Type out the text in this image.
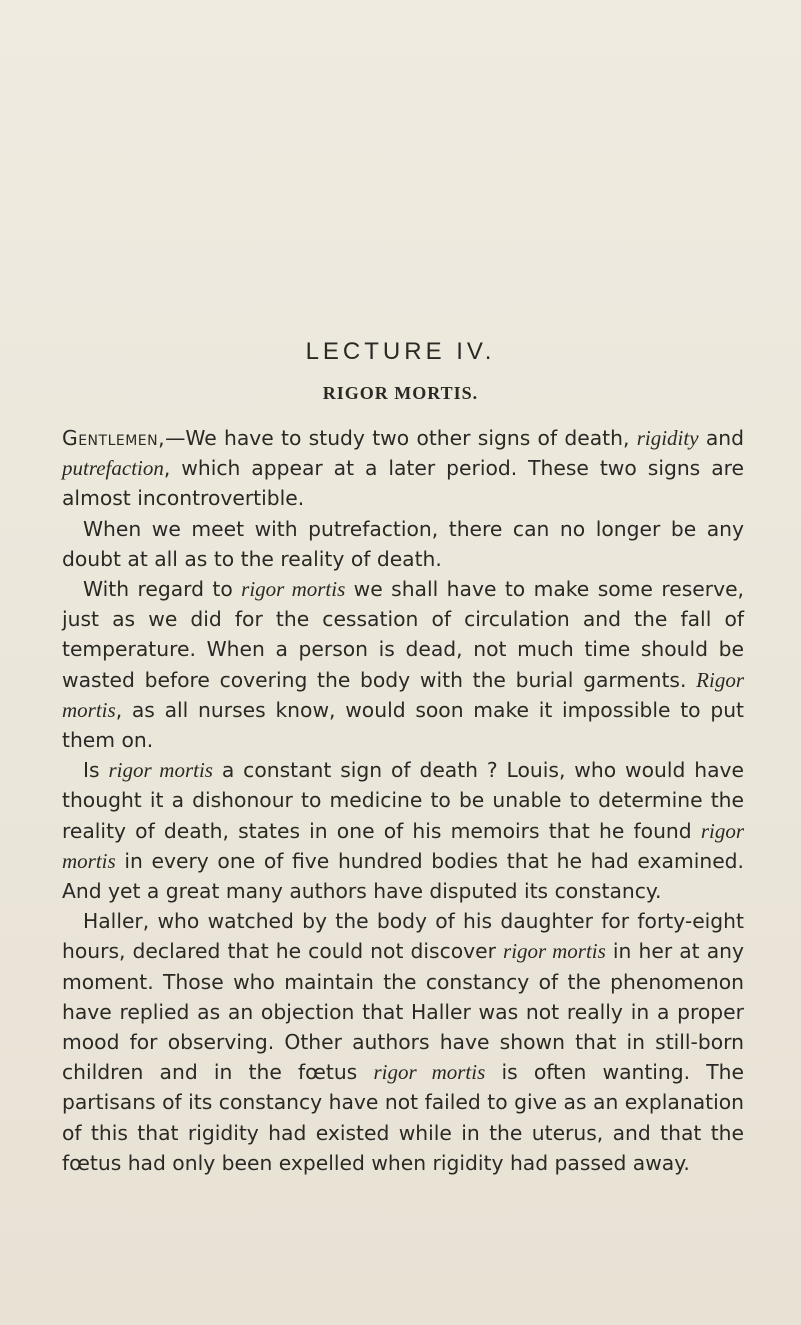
LECTURE IV.
RIGOR MORTIS.

Gentlemen,—We have to study two other signs of death, rigidity and putrefaction, which appear at a later period. These two signs are almost incontrovertible.

When we meet with putrefaction, there can no longer be any doubt at all as to the reality of death.

With regard to rigor mortis we shall have to make some reserve, just as we did for the cessation of circulation and the fall of temperature. When a person is dead, not much time should be wasted before covering the body with the burial garments. Rigor mortis, as all nurses know, would soon make it impossible to put them on.

Is rigor mortis a constant sign of death ? Louis, who would have thought it a dishonour to medicine to be unable to determine the reality of death, states in one of his memoirs that he found rigor mortis in every one of five hundred bodies that he had examined. And yet a great many authors have disputed its constancy.

Haller, who watched by the body of his daughter for forty-eight hours, declared that he could not discover rigor mortis in her at any moment. Those who maintain the constancy of the phenomenon have replied as an objection that Haller was not really in a proper mood for observing. Other authors have shown that in still-born children and in the fœtus rigor mortis is often wanting. The partisans of its constancy have not failed to give as an explanation of this that rigidity had existed while in the uterus, and that the fœtus had only been expelled when rigidity had passed away.
